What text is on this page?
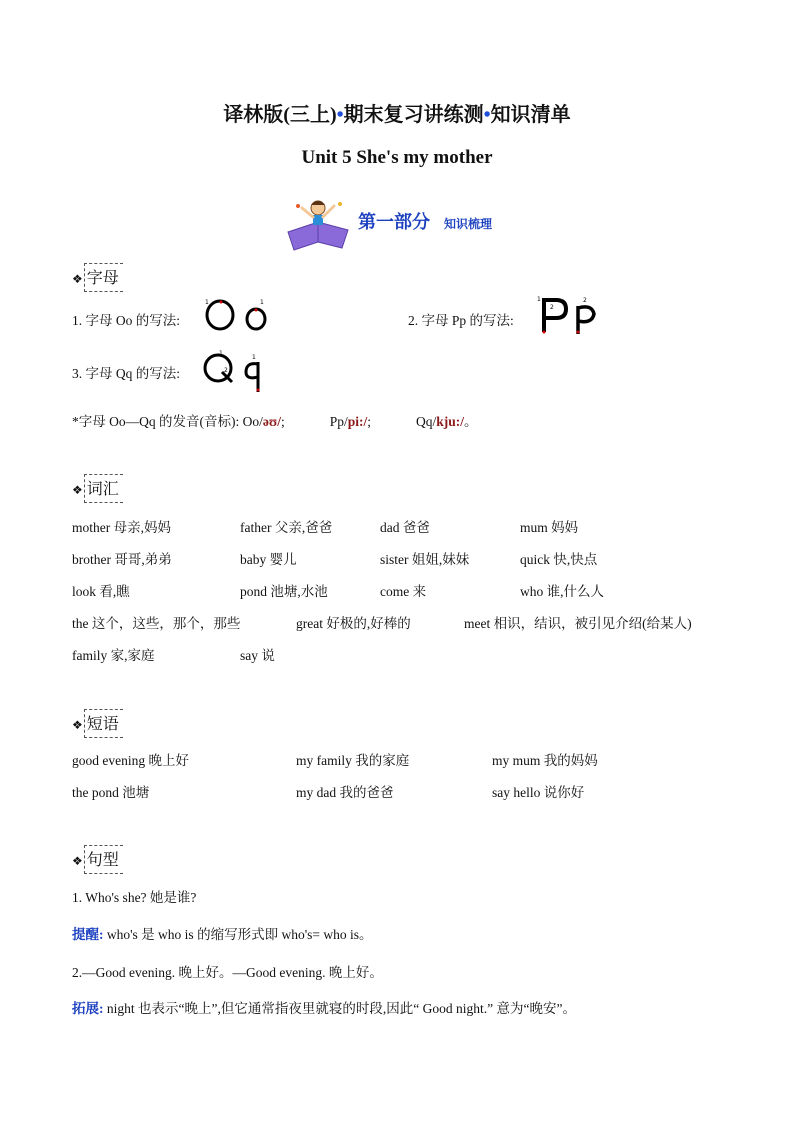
译林版(三上)•期末复习讲练测•知识清单
Unit 5 She's my mother
第一部分 知识梳理
❖ 字母
1. 字母 Oo 的写法:
1	1
2. 字母 Pp 的写法:
1
2
2
3. 字母 Qq 的写法:
1
2
1
*字母 Oo—Qq 的发音(音标): Oo/əʊ/;	Pp/pi:/;	Qq/kju:/。
❖ 词汇
mother 母亲,妈妈	father 父亲,爸爸	dad 爸爸	mum 妈妈
brother 哥哥,弟弟	baby 婴儿	sister 姐姐,妹妹	quick 快,快点
look 看,瞧	pond 池塘,水池	come 来	who 谁,什么人
the 这个，这些，那个，那些	great 好极的,好棒的	meet 相识，结识，被引见介绍(给某人)
family 家,家庭	say 说
❖ 短语
good evening 晚上好	my family 我的家庭	my mum 我的妈妈
the pond 池塘	my dad 我的爸爸	say hello 说你好
❖ 句型
1. Who's she? 她是谁?
提醒: who's 是 who is 的缩写形式即 who's= who is。
2.—Good evening. 晚上好。—Good evening. 晚上好。
拓展: night 也表示“晚上”,但它通常指夜里就寝的时段,因此“ Good night.” 意为“晚安”。
